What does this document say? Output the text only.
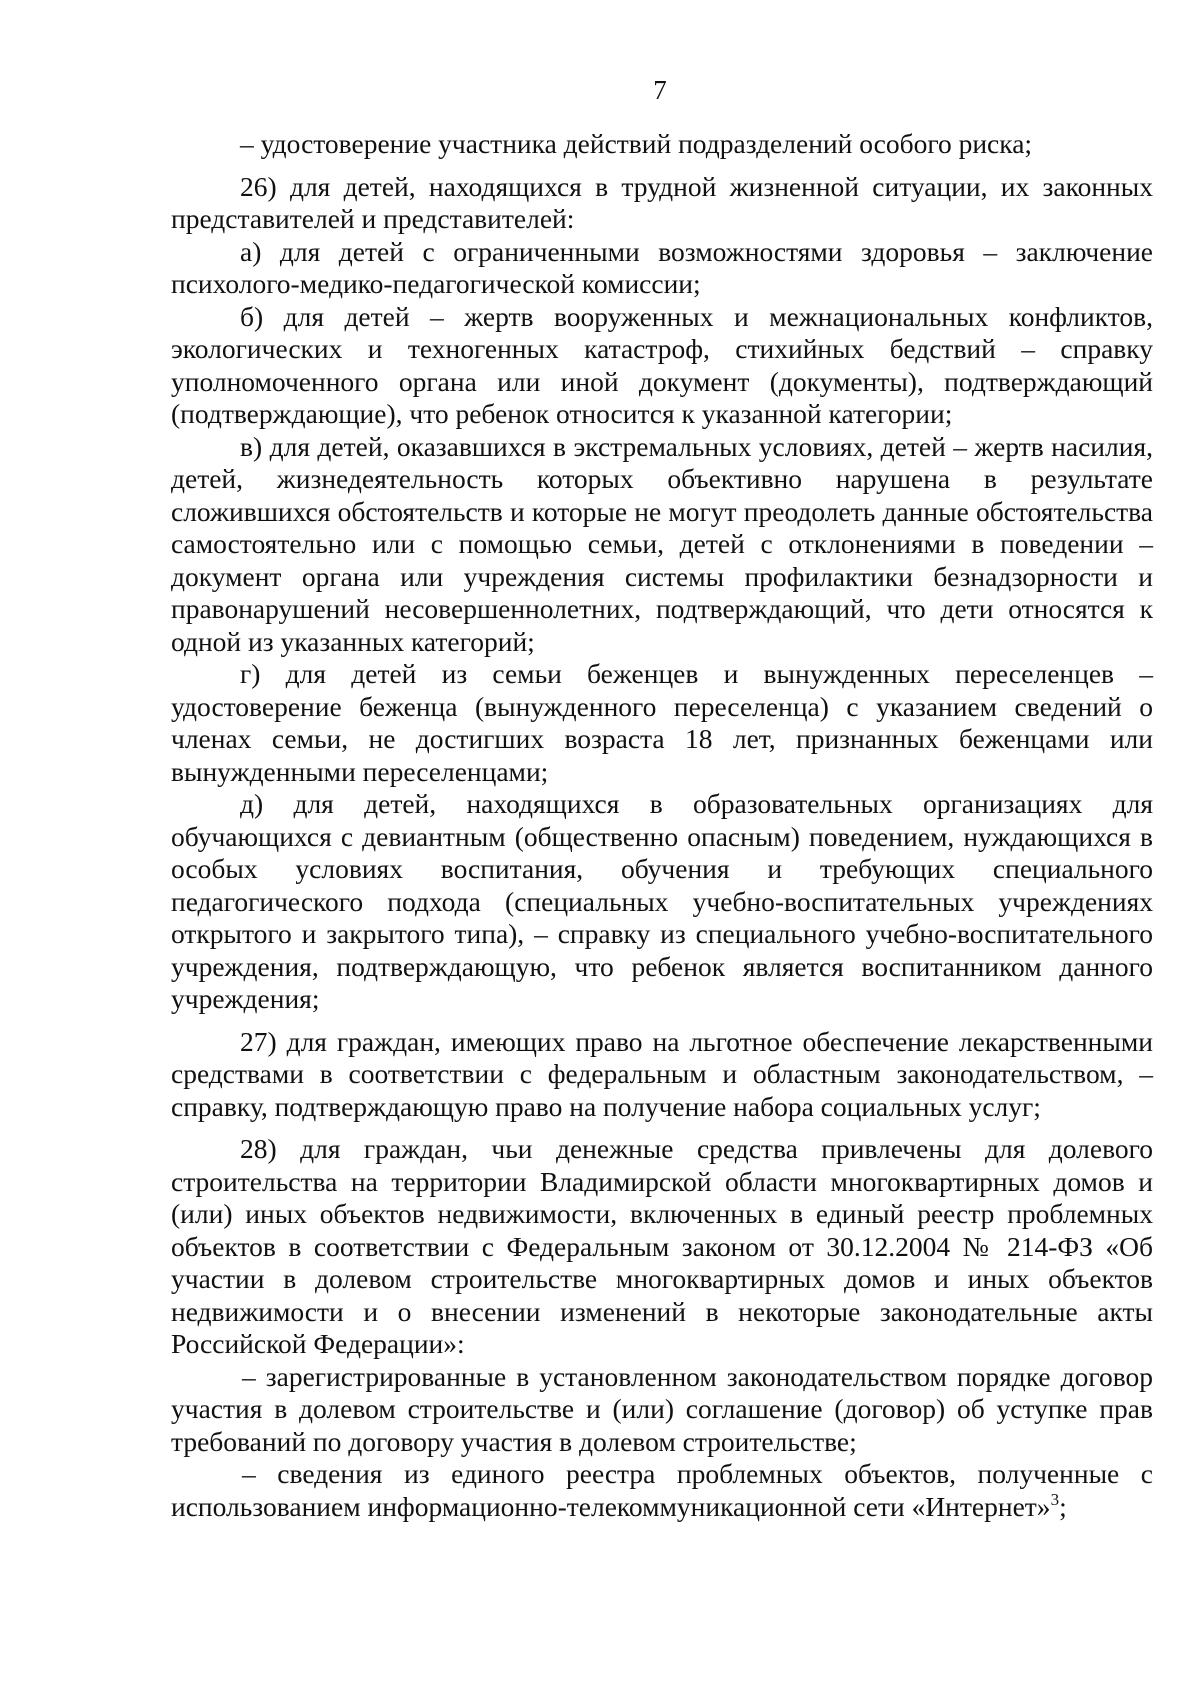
7

– удостоверение участника действий подразделений особого риска;

26) для детей, находящихся в трудной жизненной ситуации, их законных представителей и представителей:

а) для детей с ограниченными возможностями здоровья – заключение психолого-медико-педагогической комиссии;

б) для детей – жертв вооруженных и межнациональных конфликтов, экологических и техногенных катастроф, стихийных бедствий – справку уполномоченного органа или иной документ (документы), подтверждающий (подтверждающие), что ребенок относится к указанной категории;

в) для детей, оказавшихся в экстремальных условиях, детей – жертв насилия, детей, жизнедеятельность которых объективно нарушена в результате сложившихся обстоятельств и которые не могут преодолеть данные обстоятельства самостоятельно или с помощью семьи, детей с отклонениями в поведении – документ органа или учреждения системы профилактики безнадзорности и правонарушений несовершеннолетних, подтверждающий, что дети относятся к одной из указанных категорий;

г) для детей из семьи беженцев и вынужденных переселенцев – удостоверение беженца (вынужденного переселенца) с указанием сведений о членах семьи, не достигших возраста 18 лет, признанных беженцами или вынужденными переселенцами;

д) для детей, находящихся в образовательных организациях для обучающихся с девиантным (общественно опасным) поведением, нуждающихся в особых условиях воспитания, обучения и требующих специального педагогического подхода (специальных учебно-воспитательных учреждениях открытого и закрытого типа), – справку из специального учебно-воспитательного учреждения, подтверждающую, что ребенок является воспитанником данного учреждения;

27) для граждан, имеющих право на льготное обеспечение лекарственными средствами в соответствии с федеральным и областным законодательством, – справку, подтверждающую право на получение набора социальных услуг;

28) для граждан, чьи денежные средства привлечены для долевого строительства на территории Владимирской области многоквартирных домов и (или) иных объектов недвижимости, включенных в единый реестр проблемных объектов в соответствии с Федеральным законом от 30.12.2004 № 214-ФЗ «Об участии в долевом строительстве многоквартирных домов и иных объектов недвижимости и о внесении изменений в некоторые законодательные акты Российской Федерации»:

– зарегистрированные в установленном законодательством порядке договор участия в долевом строительстве и (или) соглашение (договор) об уступке прав требований по договору участия в долевом строительстве;

– сведения из единого реестра проблемных объектов, полученные с использованием информационно-телекоммуникационной сети «Интернет»$^3$;
